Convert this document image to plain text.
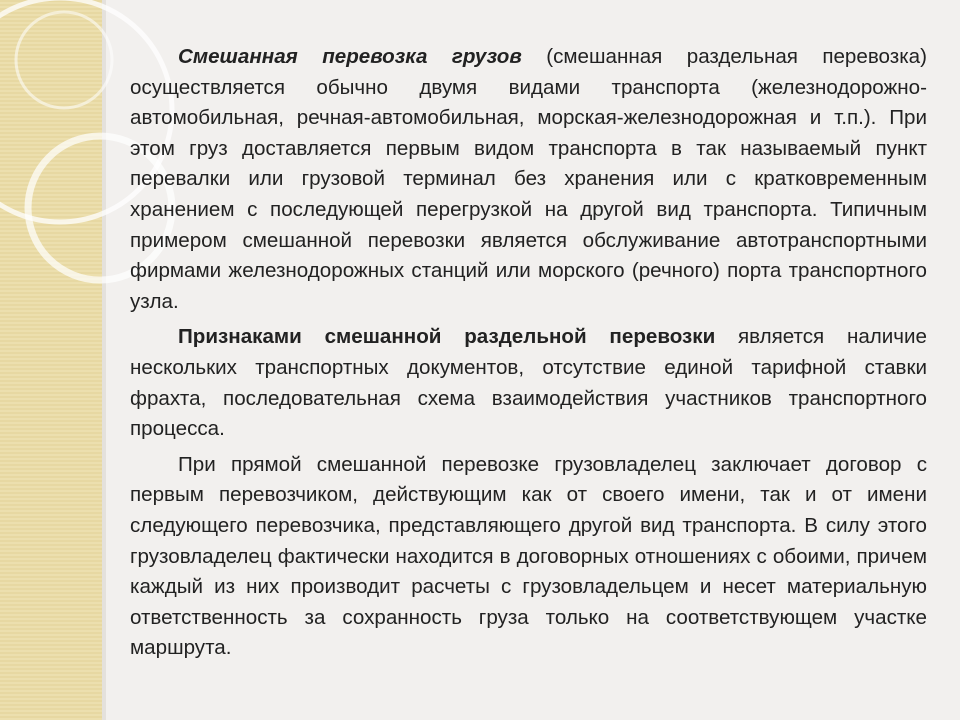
Смешанная перевозка грузов (смешанная раздельная перевозка) осуществляется обычно двумя видами транспорта (железнодорожно-автомобильная, речная-автомобильная, морская-железнодорожная и т.п.). При этом груз доставляется первым видом транспорта в так называемый пункт перевалки или грузовой терминал без хранения или с кратковременным хранением с последующей перегрузкой на другой вид транспорта. Типичным примером смешанной перевозки является обслуживание автотранспортными фирмами железнодорожных станций или морского (речного) порта транспортного узла.

Признаками смешанной раздельной перевозки является наличие нескольких транспортных документов, отсутствие единой тарифной ставки фрахта, последовательная схема взаимодействия участников транспортного процесса.

При прямой смешанной перевозке грузовладелец заключает договор с первым перевозчиком, действующим как от своего имени, так и от имени следующего перевозчика, представляющего другой вид транспорта. В силу этого грузовладелец фактически находится в договорных отношениях с обоими, причем каждый из них производит расчеты с грузовладельцем и несет материальную ответственность за сохранность груза только на соответствующем участке маршрута.
